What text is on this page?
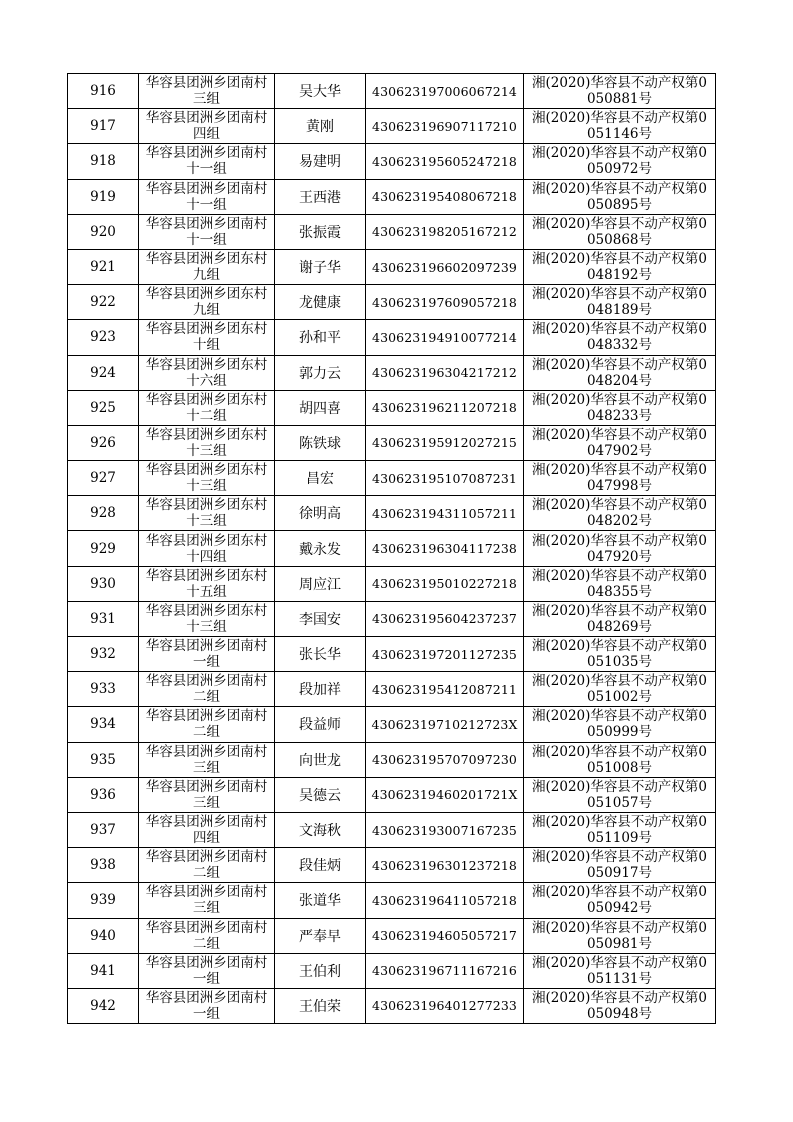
916	华容县团洲乡团南村三组	吴大华	430623197006067214	湘(2020)华容县不动产权第0050881号

917	华容县团洲乡团南村四组	黄刚	430623196907117210	湘(2020)华容县不动产权第0051146号

918	华容县团洲乡团南村十一组	易建明	430623195605247218	湘(2020)华容县不动产权第0050972号

919	华容县团洲乡团南村十一组	王西港	430623195408067218	湘(2020)华容县不动产权第0050895号

920	华容县团洲乡团南村十一组	张振霞	430623198205167212	湘(2020)华容县不动产权第0050868号

921	华容县团洲乡团东村九组	谢子华	430623196602097239	湘(2020)华容县不动产权第0048192号

922	华容县团洲乡团东村九组	龙健康	430623197609057218	湘(2020)华容县不动产权第0048189号

923	华容县团洲乡团东村十组	孙和平	430623194910077214	湘(2020)华容县不动产权第0048332号

924	华容县团洲乡团东村十六组	郭力云	430623196304217212	湘(2020)华容县不动产权第0048204号

925	华容县团洲乡团东村十二组	胡四喜	430623196211207218	湘(2020)华容县不动产权第0048233号

926	华容县团洲乡团东村十三组	陈铁球	430623195912027215	湘(2020)华容县不动产权第0047902号

927	华容县团洲乡团东村十三组	昌宏	430623195107087231	湘(2020)华容县不动产权第0047998号

928	华容县团洲乡团东村十三组	徐明高	430623194311057211	湘(2020)华容县不动产权第0048202号

929	华容县团洲乡团东村十四组	戴永发	430623196304117238	湘(2020)华容县不动产权第0047920号

930	华容县团洲乡团东村十五组	周应江	430623195010227218	湘(2020)华容县不动产权第0048355号

931	华容县团洲乡团东村十三组	李国安	430623195604237237	湘(2020)华容县不动产权第0048269号

932	华容县团洲乡团南村一组	张长华	430623197201127235	湘(2020)华容县不动产权第0051035号

933	华容县团洲乡团南村二组	段加祥	430623195412087211	湘(2020)华容县不动产权第0051002号

934	华容县团洲乡团南村二组	段益师	43062319710212723X	湘(2020)华容县不动产权第0050999号

935	华容县团洲乡团南村三组	向世龙	430623195707097230	湘(2020)华容县不动产权第0051008号

936	华容县团洲乡团南村三组	吴德云	43062319460201721X	湘(2020)华容县不动产权第0051057号

937	华容县团洲乡团南村四组	文海秋	430623193007167235	湘(2020)华容县不动产权第0051109号

938	华容县团洲乡团南村二组	段佳炳	430623196301237218	湘(2020)华容县不动产权第0050917号

939	华容县团洲乡团南村三组	张道华	430623196411057218	湘(2020)华容县不动产权第0050942号

940	华容县团洲乡团南村二组	严奉早	430623194605057217	湘(2020)华容县不动产权第0050981号

941	华容县团洲乡团南村一组	王伯利	430623196711167216	湘(2020)华容县不动产权第0051131号

942	华容县团洲乡团南村一组	王伯荣	430623196401277233	湘(2020)华容县不动产权第0050948号
